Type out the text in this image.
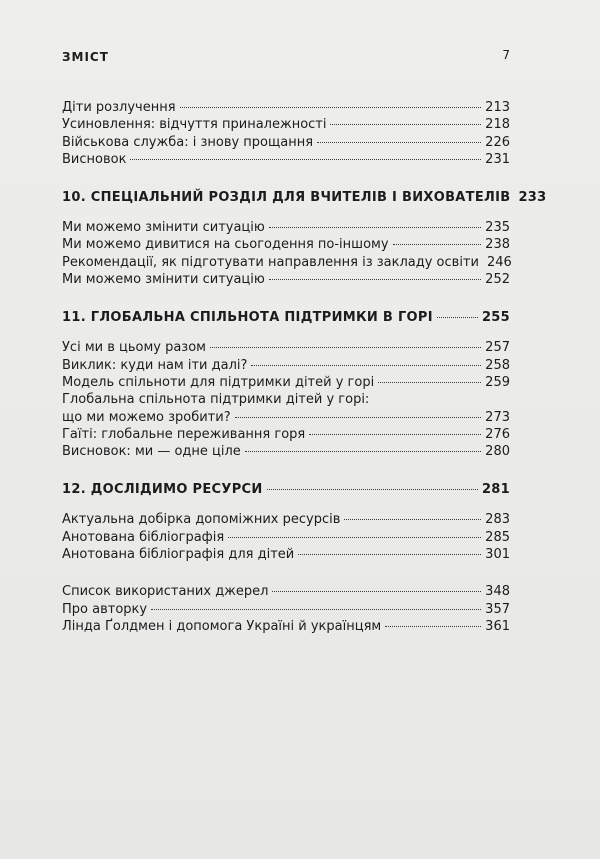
ЗМІСТ	7
Діти розлучення	213
Усиновлення: відчуття приналежності	218
Військова служба: і знову прощання	226
Висновок	231
10. СПЕЦІАЛЬНИЙ РОЗДІЛ ДЛЯ ВЧИТЕЛІВ І ВИХОВАТЕЛІВ 233
Ми можемо змінити ситуацію	235
Ми можемо дивитися на сьогодення по-іншому	238
Рекомендації, як підготувати направлення із закладу освіти 246
Ми можемо змінити ситуацію	252
11. ГЛОБАЛЬНА СПІЛЬНОТА ПІДТРИМКИ В ГОРІ	255
Усі ми в цьому разом	257
Виклик: куди нам іти далі?	258
Модель спільноти для підтримки дітей у горі	259
Глобальна спільнота підтримки дітей у горі:
що ми можемо зробити?	273
Гаїті: глобальне переживання горя	276
Висновок: ми — одне ціле	280
12. ДОСЛІДИМО РЕСУРСИ	281
Актуальна добірка допоміжних ресурсів	283
Анотована бібліографія	285
Анотована бібліографія для дітей	301
Список використаних джерел	348
Про авторку	357
Лінда Ґолдмен і допомога Україні й українцям	361
